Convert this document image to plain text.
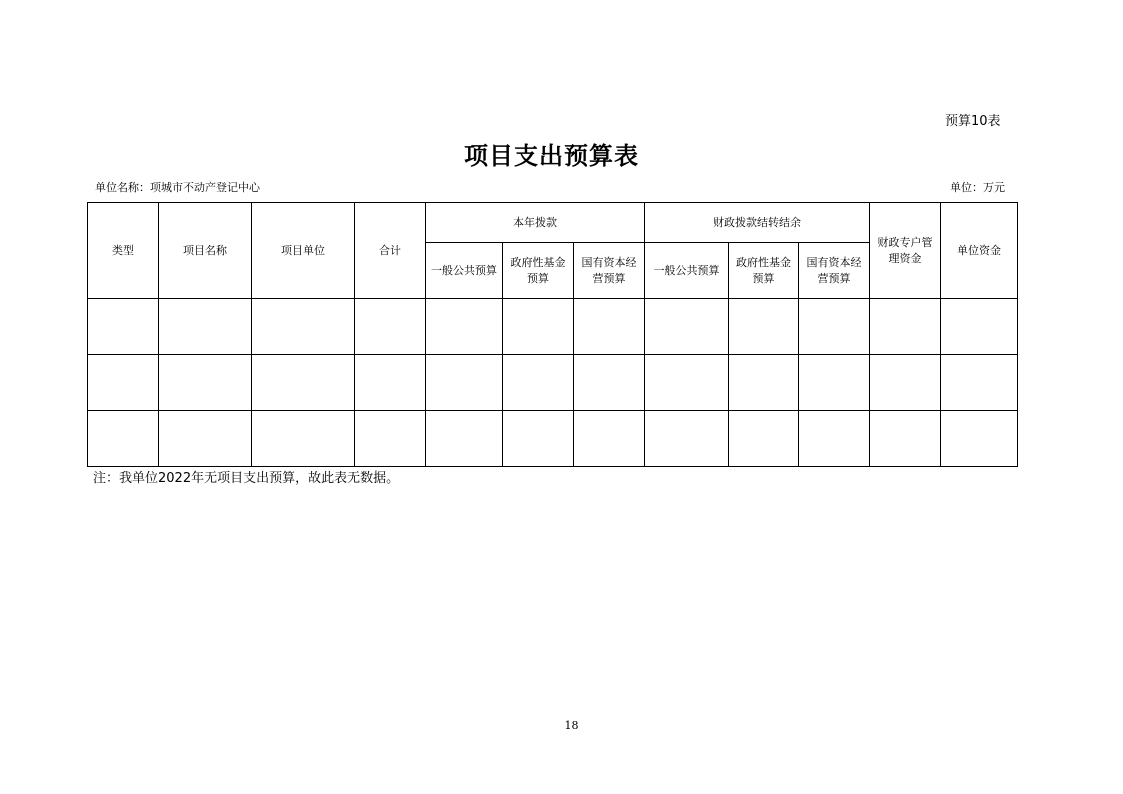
预算10表
项目支出预算表
单位名称：项城市不动产登记中心	单位：万元
类型	项目名称	项目单位	合计	本年拨款			财政拨款结转结余			财政专户管理资金	单位资金
				一般公共预算	政府性基金预算	国有资本经营预算	一般公共预算	政府性基金预算	国有资本经营预算		

注：我单位2022年无项目支出预算，故此表无数据。
18
